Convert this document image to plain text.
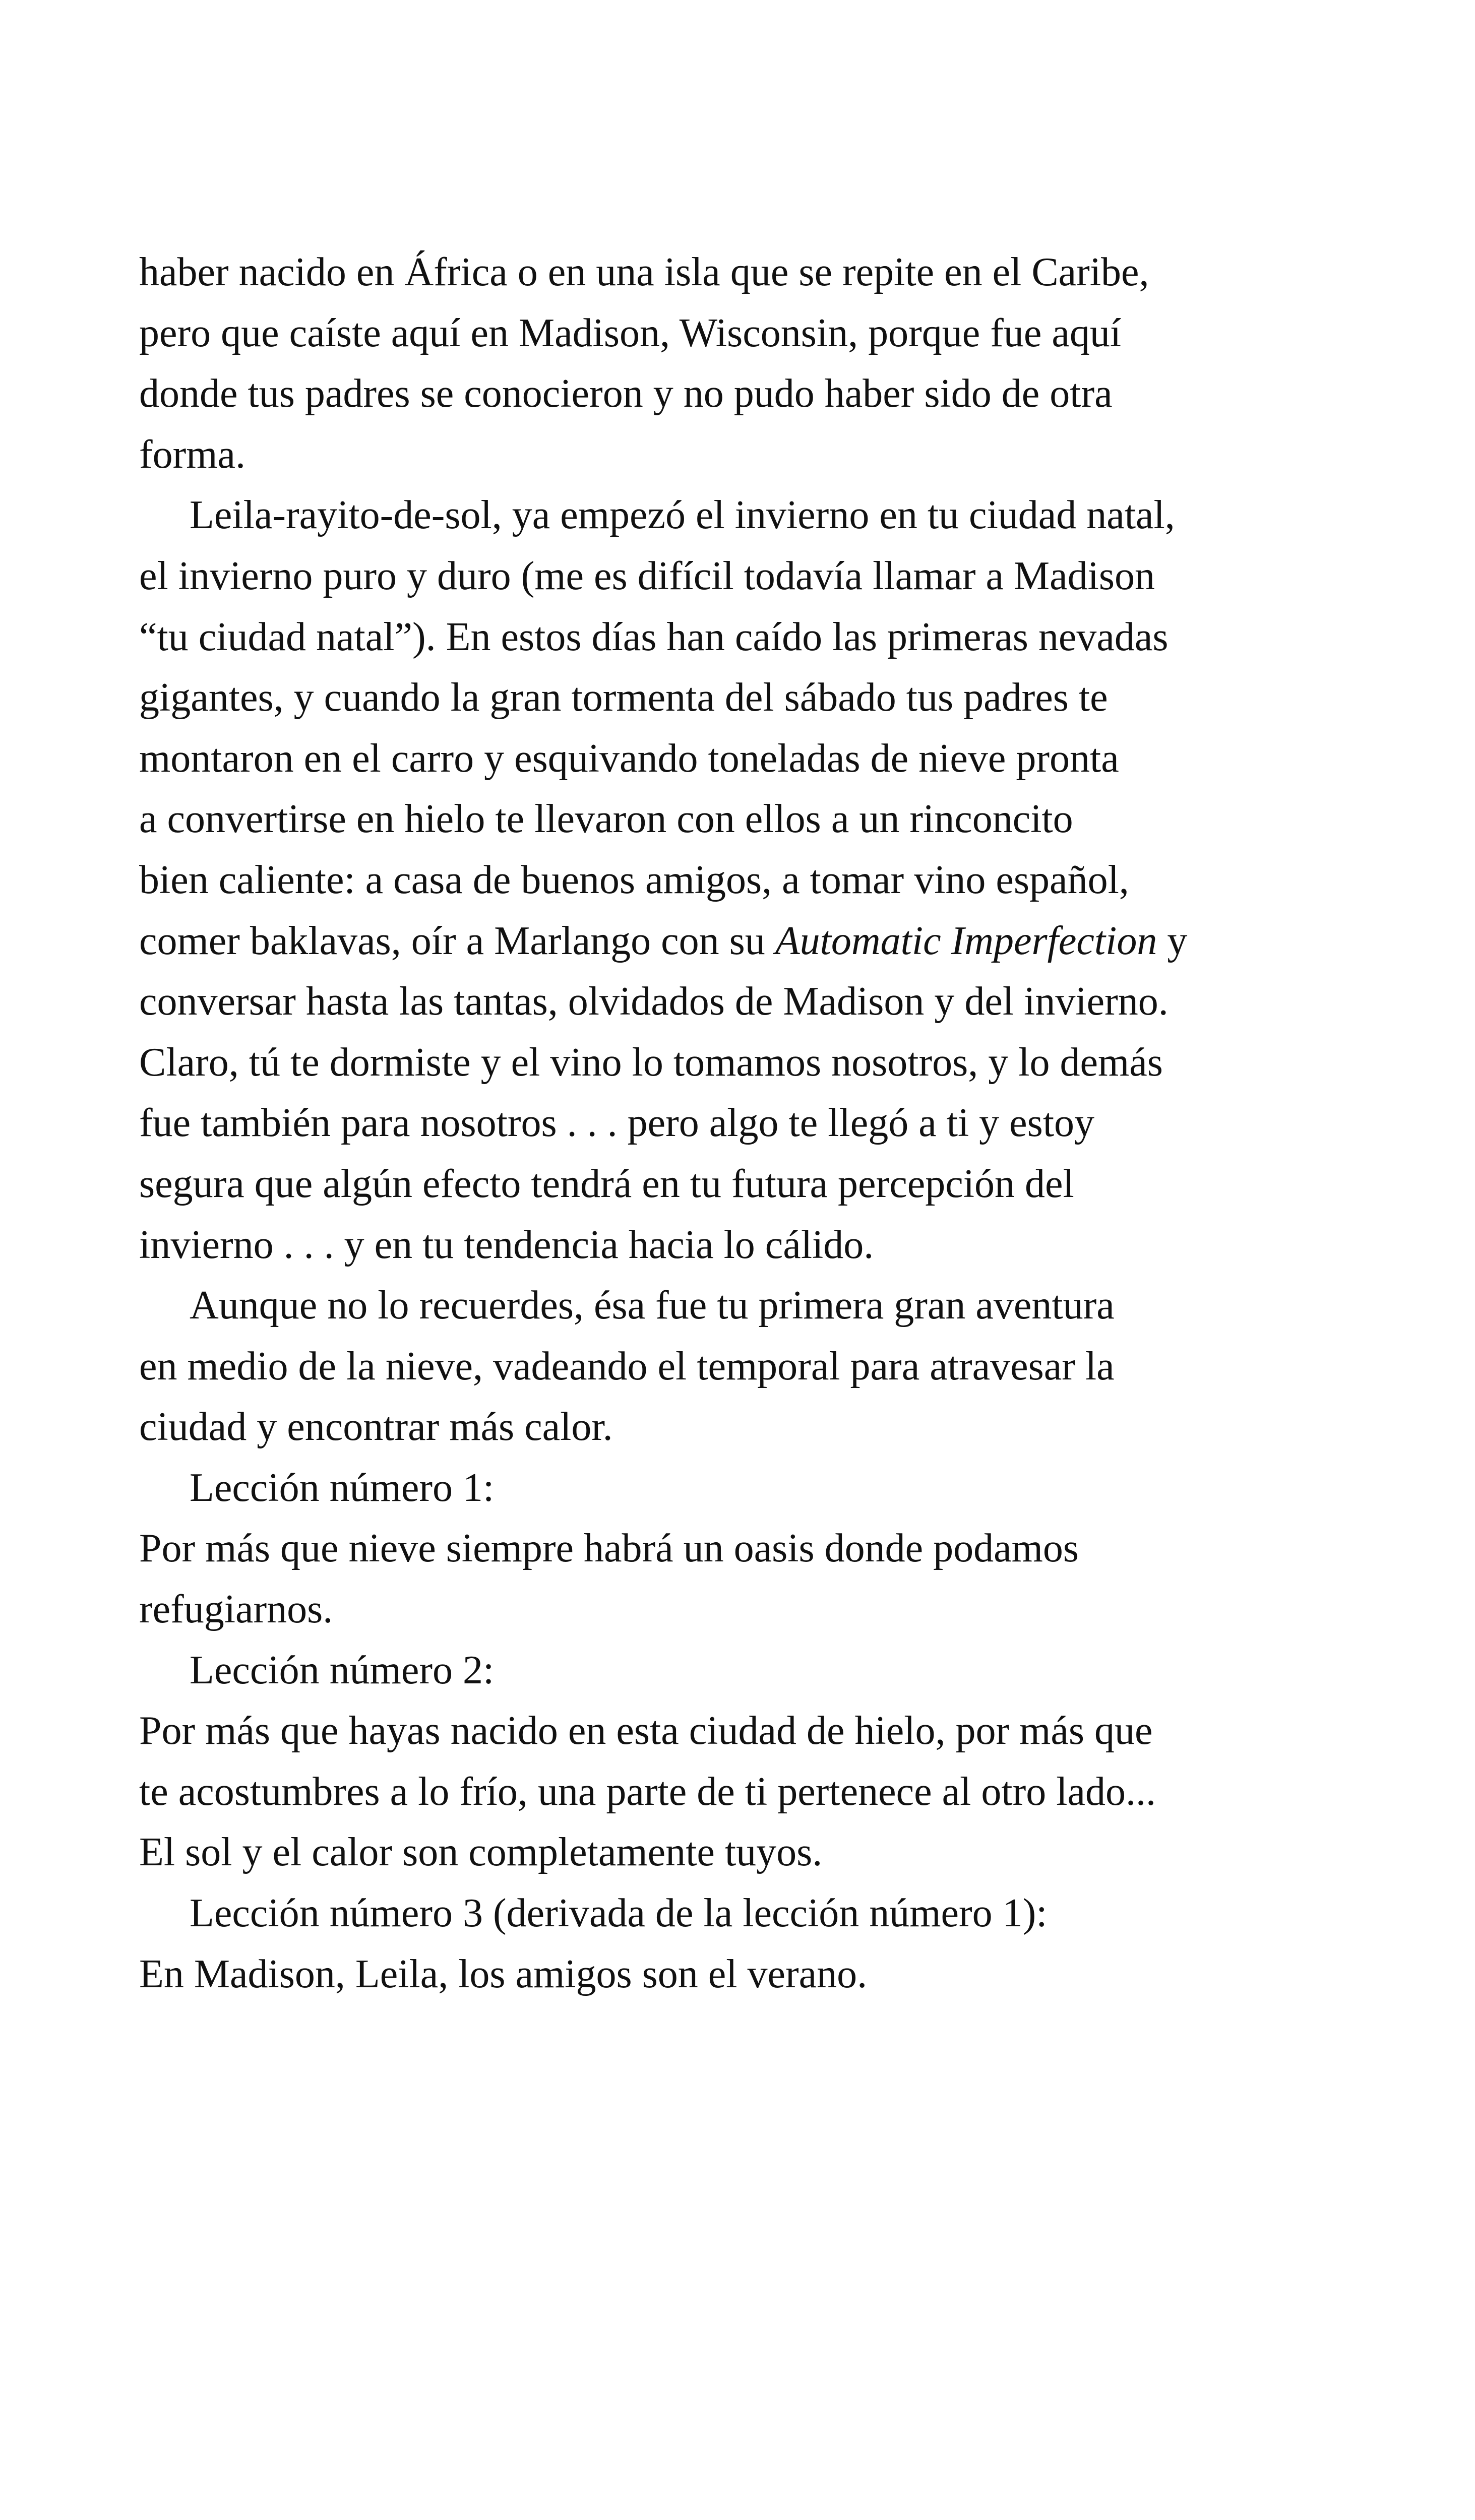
haber nacido en África o en una isla que se repite en el Caribe,
pero que caíste aquí en Madison, Wisconsin, porque fue aquí
donde tus padres se conocieron y no pudo haber sido de otra
forma.
Leila-rayito-de-sol, ya empezó el invierno en tu ciudad natal,
el invierno puro y duro (me es difícil todavía llamar a Madison
“tu ciudad natal”). En estos días han caído las primeras nevadas
gigantes, y cuando la gran tormenta del sábado tus padres te
montaron en el carro y esquivando toneladas de nieve pronta
a convertirse en hielo te llevaron con ellos a un rinconcito
bien caliente: a casa de buenos amigos, a tomar vino español,
comer baklavas, oír a Marlango con su Automatic Imperfection y
conversar hasta las tantas, olvidados de Madison y del invierno.
Claro, tú te dormiste y el vino lo tomamos nosotros, y lo demás
fue también para nosotros . . . pero algo te llegó a ti y estoy
segura que algún efecto tendrá en tu futura percepción del
invierno . . . y en tu tendencia hacia lo cálido.
Aunque no lo recuerdes, ésa fue tu primera gran aventura
en medio de la nieve, vadeando el temporal para atravesar la
ciudad y encontrar más calor.
Lección número 1:
Por más que nieve siempre habrá un oasis donde podamos
refugiarnos.
Lección número 2:
Por más que hayas nacido en esta ciudad de hielo, por más que
te acostumbres a lo frío, una parte de ti pertenece al otro lado...
El sol y el calor son completamente tuyos.
Lección número 3 (derivada de la lección número 1):
En Madison, Leila, los amigos son el verano.
